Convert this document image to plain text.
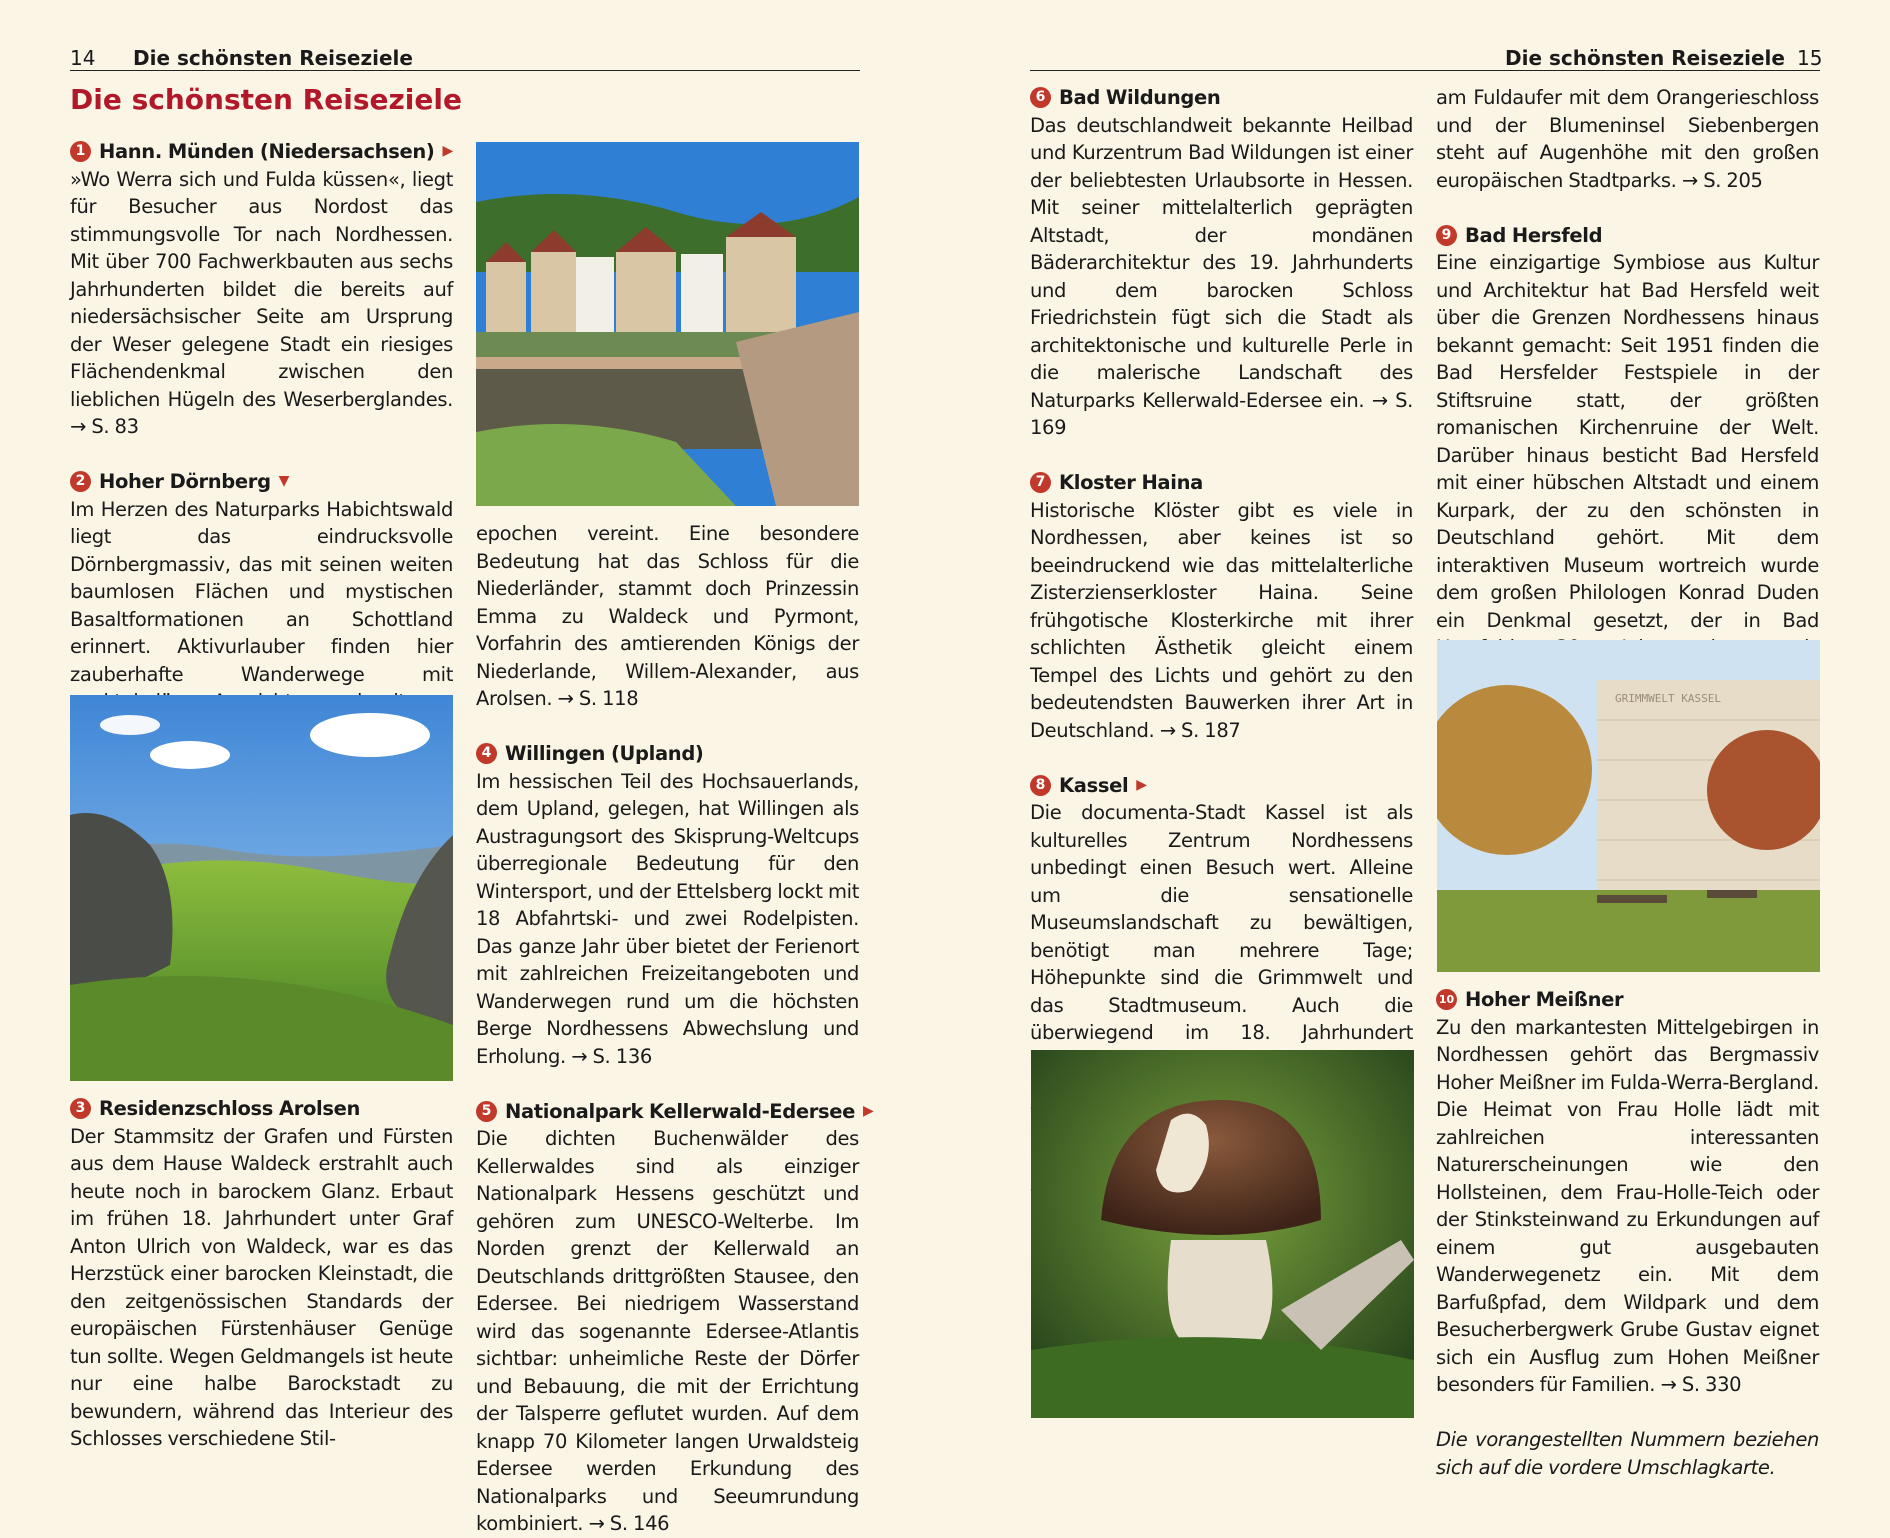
14 Die schönsten Reiseziele	Die schönsten Reiseziele 15
Die schönsten Reiseziele
1 Hann. Münden (Niedersachsen) ▶

»Wo Werra sich und Fulda küssen«, liegt für Besucher aus Nordost das stimmungsvolle Tor nach Nordhessen. Mit über 700 Fachwerkbauten aus sechs Jahrhunderten bildet die bereits auf niedersächsischer Seite am Ursprung der Weser gelegene Stadt ein riesiges Flächendenkmal zwischen den lieblichen Hügeln des Weserberglandes. → S. 83

2 Hoher Dörnberg ▼

Im Herzen des Naturparks Habichtswald liegt das eindrucksvolle Dörnbergmassiv, das mit seinen weiten baumlosen Flächen und mystischen Basaltformationen an Schottland erinnert. Aktivurlauber finden hier zauberhafte Wanderwege mit

3 Residenzschloss Arolsen

Der Stammsitz der Grafen und Fürsten aus dem Hause Waldeck erstrahlt auch heute noch in barockem Glanz. Erbaut im frühen 18. Jahrhundert unter Graf Anton Ulrich von Waldeck, war es das Herzstück einer barocken Kleinstadt, die den zeitgenössischen Standards der europäischen Fürstenhäuser Genüge tun sollte. Wegen Geldmangels ist heute nur eine halbe Barockstadt zu bewundern, während das Interieur des Schlosses verschiedene Stil-

epochen vereint. Eine besondere Bedeutung hat das Schloss für die Niederländer, stammt doch Prinzessin Emma zu Waldeck und Pyrmont, Vorfahrin des amtierenden Königs der Niederlande, Willem-Alexander, aus Arolsen. → S. 118

4 Willingen (Upland)

Im hessischen Teil des Hochsauerlands, dem Upland, gelegen, hat Willingen als Austragungsort des Skisprung-Weltcups überregionale Bedeutung für den Wintersport, und der Ettelsberg lockt mit 18 Abfahrtski- und zwei Rodelpisten. Das ganze Jahr über bietet der Ferienort mit zahlreichen Freizeitangeboten und Wanderwegen rund um die höchsten Berge Nordhessens Abwechslung und Erholung. → S. 136

5 Nationalpark Kellerwald-Edersee ▶

Die dichten Buchenwälder des Kellerwaldes sind als einziger Nationalpark Hessens geschützt und gehören zum UNESCO-Welterbe. Im Norden grenzt der Kellerwald an Deutschlands drittgrößten Stausee, den Edersee. Bei niedrigem Wasserstand wird das sogenannte Edersee-Atlantis sichtbar: unheimliche Reste der Dörfer und Bebauung, die mit der Errichtung der Talsperre geflutet wurden. Auf dem knapp 70 Kilometer langen Urwaldsteig Edersee werden Erkundung des Nationalparks und Seeumrundung kombiniert. → S. 146

6 Bad Wildungen

Das deutschlandweit bekannte Heilbad und Kurzentrum Bad Wildungen ist einer der beliebtesten Urlaubsorte in Hessen. Mit seiner mittelalterlich geprägten Altstadt, der mondänen Bäderarchitektur des 19. Jahrhunderts und dem barocken Schloss Friedrichstein fügt sich die Stadt als architektonische und kulturelle Perle in die malerische Landschaft des Naturparks Kellerwald-Edersee ein. → S. 169

7 Kloster Haina

Historische Klöster gibt es viele in Nordhessen, aber keines ist so beeindruckend wie das mittelalterliche Zisterzienserkloster Haina. Seine frühgotische Klosterkirche mit ihrer schlichten Ästhetik gleicht einem Tempel des Lichts und gehört zu den bedeutendsten Bauwerken ihrer Art in Deutschland. → S. 187

8 Kassel ▶

Die documenta-Stadt Kassel ist als kulturelles Zentrum Nordhessens unbedingt einen Besuch wert. Alleine um die sensationelle Museumslandschaft zu bewältigen, benötigt man mehrere Tage; Höhepunkte sind die Grimmwelt und das Stadtmuseum. Auch die überwiegend im 18. Jahrhundert

am Fuldaufer mit dem Orangerieschloss und der Blumeninsel Siebenbergen steht auf Augenhöhe mit den großen europäischen Stadtparks. → S. 205

9 Bad Hersfeld

Eine einzigartige Symbiose aus Kultur und Architektur hat Bad Hersfeld weit über die Grenzen Nordhessens hinaus bekannt gemacht: Seit 1951 finden die Bad Hersfelder Festspiele in der Stiftsruine statt, der größten romanischen Kirchenruine der Welt. Darüber hinaus besticht Bad Hersfeld mit einer hübschen Altstadt und einem Kurpark, der zu den schönsten in Deutschland gehört. Mit dem interaktiven Museum wortreich wurde dem großen Philologen Konrad Duden ein Denkmal gesetzt, der in Bad

GRIMMWELT KASSEL
10 Hoher Meißner

Zu den markantesten Mittelgebirgen in Nordhessen gehört das Bergmassiv Hoher Meißner im Fulda-Werra-Bergland. Die Heimat von Frau Holle lädt mit zahlreichen interessanten Naturerscheinungen wie den Hollsteinen, dem Frau-Holle-Teich oder der Stinksteinwand zu Erkundungen auf einem gut ausgebauten Wanderwegenetz ein. Mit dem Barfußpfad, dem Wildpark und dem Besucherbergwerk Grube Gustav eignet sich ein Ausflug zum Hohen Meißner besonders für Familien. → S. 330

Die vorangestellten Nummern beziehen sich auf die vordere Umschlagkarte.
